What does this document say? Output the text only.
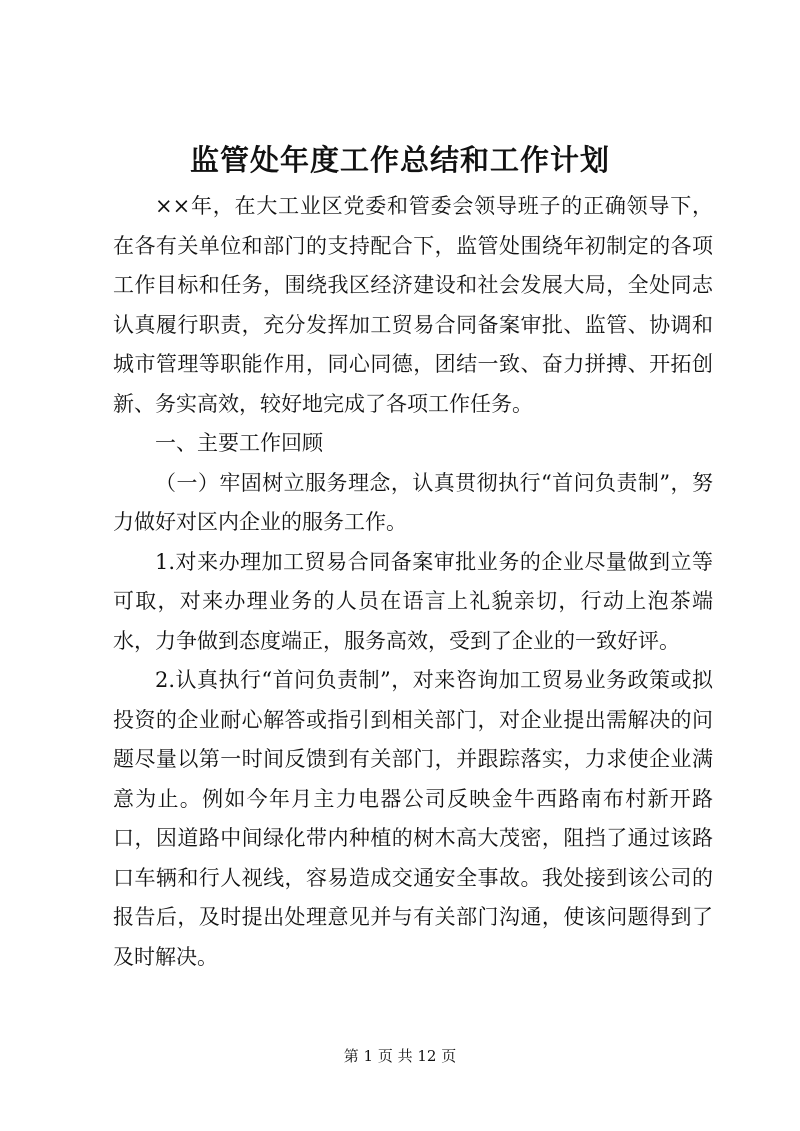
监管处年度工作总结和工作计划

××年，在大工业区党委和管委会领导班子的正确领导下，在各有关单位和部门的支持配合下，监管处围绕年初制定的各项工作目标和任务，围绕我区经济建设和社会发展大局，全处同志认真履行职责，充分发挥加工贸易合同备案审批、监管、协调和城市管理等职能作用，同心同德，团结一致、奋力拼搏、开拓创新、务实高效，较好地完成了各项工作任务。

一、主要工作回顾

（一）牢固树立服务理念，认真贯彻执行“首问负责制”，努力做好对区内企业的服务工作。

1.对来办理加工贸易合同备案审批业务的企业尽量做到立等可取，对来办理业务的人员在语言上礼貌亲切，行动上泡茶端水，力争做到态度端正，服务高效，受到了企业的一致好评。

2.认真执行“首问负责制”，对来咨询加工贸易业务政策或拟投资的企业耐心解答或指引到相关部门，对企业提出需解决的问题尽量以第一时间反馈到有关部门，并跟踪落实，力求使企业满意为止。例如今年月主力电器公司反映金牛西路南布村新开路口，因道路中间绿化带内种植的树木高大茂密，阻挡了通过该路口车辆和行人视线，容易造成交通安全事故。我处接到该公司的报告后，及时提出处理意见并与有关部门沟通，使该问题得到了及时解决。

第 1 页 共 12 页
